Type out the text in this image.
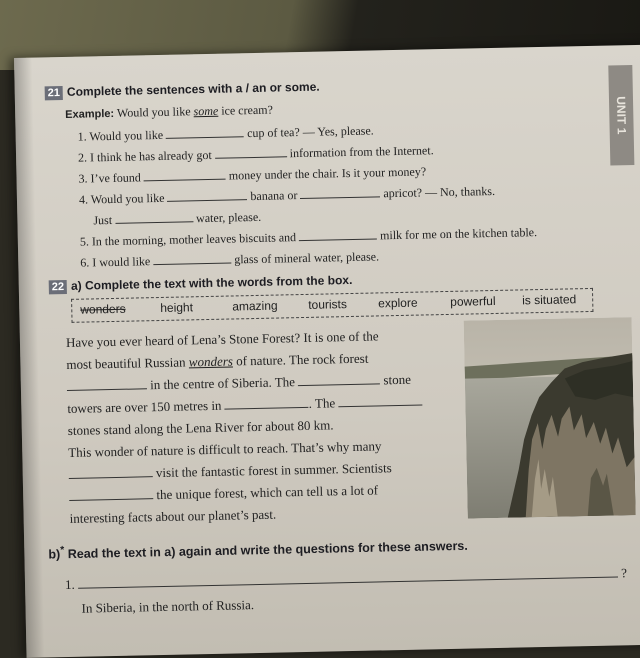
UNIT 1
21 Complete the sentences with a / an or some.
Example: Would you like some ice cream?
1. Would you like	cup of tea? — Yes, please.
2. I think he has already got	information from the Internet.
3. I’ve found	money under the chair. Is it your money?
4. Would you like	banana or	apricot? — No, thanks.
Just	water, please.
5. In the morning, mother leaves biscuits and	milk for me on the kitchen table.
6. I would like	glass of mineral water, please.
22 a) Complete the text with the words from the box.
wonders	height	amazing	tourists	explore	powerful is situated
Have you ever heard of Lena’s Stone Forest? It is one of the
most beautiful Russian wonders of nature. The rock forest
in the centre of Siberia. The	stone
towers are over 150 metres in	. The
stones stand along the Lena River for about 80 km.
This wonder of nature is difficult to reach. That’s why many
visit the fantastic forest in summer. Scientists
the unique forest, which can tell us a lot of
interesting facts about our planet’s past.
b)* Read the text in a) again and write the questions for these answers.
1.  ?
In Siberia, in the north of Russia.
